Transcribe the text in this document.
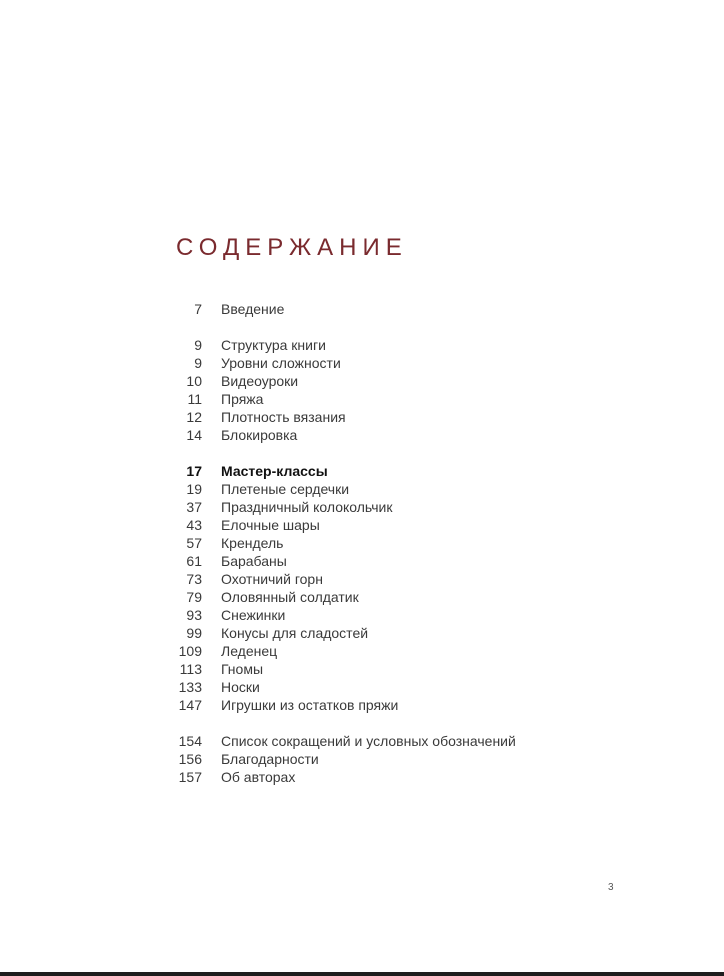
СОДЕРЖАНИЕ
7 Введение
9 Структура книги
9 Уровни сложности
10 Видеоуроки
11 Пряжа
12 Плотность вязания
14 Блокировка
17 Мастер-классы
19 Плетеные сердечки
37 Праздничный колокольчик
43 Елочные шары
57 Крендель
61 Барабаны
73 Охотничий горн
79 Оловянный солдатик
93 Снежинки
99 Конусы для сладостей
109 Леденец
113 Гномы
133 Носки
147 Игрушки из остатков пряжи
154 Список сокращений и условных обозначений
156 Благодарности
157 Об авторах
3
